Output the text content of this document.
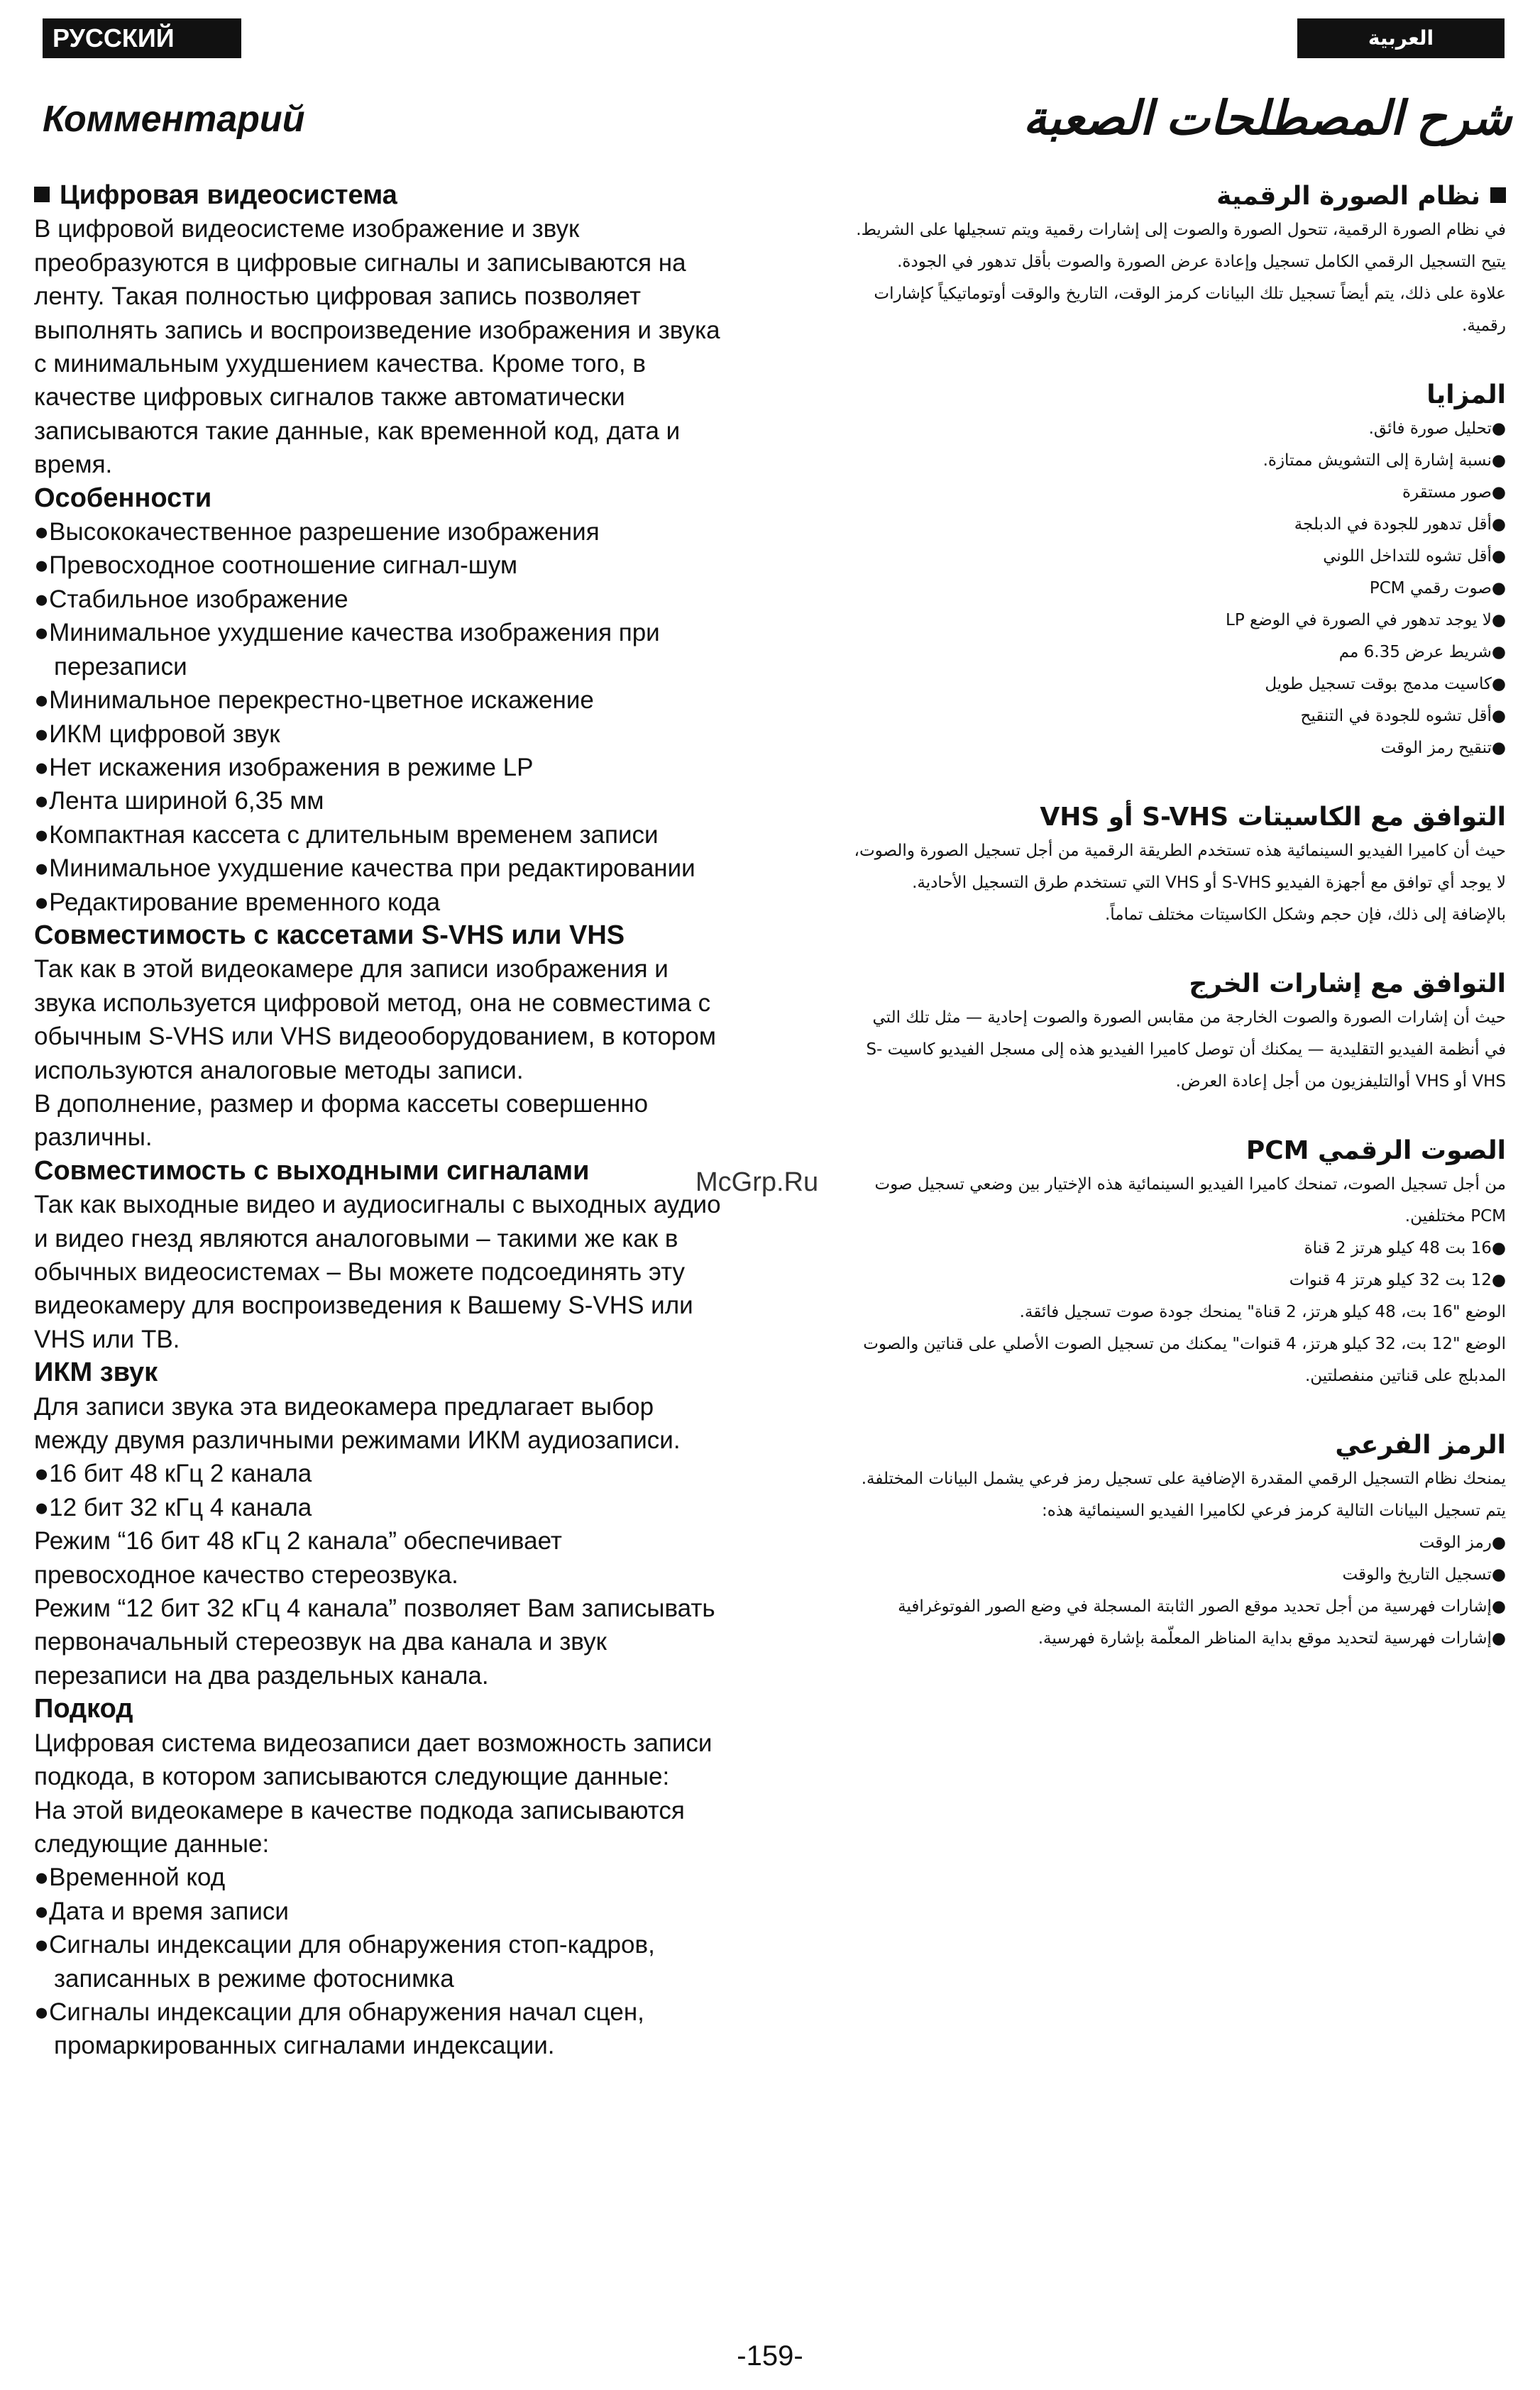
РУССКИЙ ЯЗЫК
العربية
Комментарий	شرح المصطلحات الصعبة

Цифровая видеосистема

В цифровой видеосистеме изображение и звук преобразуются в цифровые сигналы и записываются на ленту. Такая полностью цифровая запись позволяет выполнять запись и воспроизведение изображения и звука с минимальным ухудшением качества. Кроме того, в качестве цифровых сигналов также автоматически записываются такие данные, как временной код, дата и время.

Особенности

●Высококачественное разрешение изображения

●Превосходное соотношение сигнал-шум

●Стабильное изображение

●Минимальное ухудшение качества изображения при перезаписи

●Минимальное перекрестно-цветное искажение

●ИКМ цифровой звук

●Нет искажения изображения в режиме LP

●Лента шириной 6,35 мм

●Компактная кассета с длительным временем записи

●Минимальное ухудшение качества при редактировании

●Редактирование временного кода

Совместимость с кассетами S-VHS или VHS

Так как в этой видеокамере для записи изображения и звука используется цифровой метод, она не совместима с обычным S-VHS или VHS видеооборудованием, в котором используются аналоговые методы записи.

В дополнение, размер и форма кассеты совершенно различны.

Совместимость с выходными сигналами

Так как выходные видео и аудиосигналы с выходных аудио и видео гнезд являются аналоговыми – такими же как в обычных видеосистемах – Вы можете подсоединять эту видеокамеру для воспроизведения к Вашему S-VHS или VHS или ТВ.

ИКМ звук

Для записи звука эта видеокамера предлагает выбор между двумя различными режимами ИКМ аудиозаписи.

●16 бит 48 кГц 2 канала

●12 бит 32 кГц 4 канала

Режим “16 бит 48 кГц 2 канала” обеспечивает превосходное качество стереозвука.

Режим “12 бит 32 кГц 4 канала” позволяет Вам записывать первоначальный стереозвук на два канала и звук перезаписи на два раздельных канала.

Подкод

Цифровая система видеозаписи дает возможность записи подкода, в котором записываются следующие данные:

На этой видеокамере в качестве подкода записываются следующие данные:

●Временной код

●Дата и время записи

●Сигналы индексации для обнаружения стоп-кадров, записанных в режиме фотоснимка

●Сигналы индексации для обнаружения начал сцен, промаркированных сигналами индексации.

نظام الصورة الرقمية

في نظام الصورة الرقمية، تتحول الصورة والصوت إلى إشارات رقمية ويتم تسجيلها على الشريط. يتيح التسجيل الرقمي الكامل تسجيل وإعادة عرض الصورة والصوت بأقل تدهور في الجودة.

علاوة على ذلك، يتم أيضاً تسجيل تلك البيانات كرمز الوقت، التاريخ والوقت أوتوماتيكياً كإشارات رقمية.

المزايا

●تحليل صورة فائق.

●نسبة إشارة إلى التشويش ممتازة.

●صور مستقرة

●أقل تدهور للجودة في الدبلجة

●أقل تشوه للتداخل اللوني

●صوت رقمي PCM

●لا يوجد تدهور في الصورة في الوضع LP

●شريط عرض 6.35 مم

●كاسيت مدمج بوقت تسجيل طويل

●أقل تشوه للجودة في التنقيح

●تنقيح رمز الوقت

التوافق مع الكاسيتات S-VHS أو VHS

حيث أن كاميرا الفيديو السينمائية هذه تستخدم الطريقة الرقمية من أجل تسجيل الصورة والصوت، لا يوجد أي توافق مع أجهزة الفيديو S-VHS أو VHS التي تستخدم طرق التسجيل الأحادية.

بالإضافة إلى ذلك، فإن حجم وشكل الكاسيتات مختلف تماماً.

التوافق مع إشارات الخرج

حيث أن إشارات الصورة والصوت الخارجة من مقابس الصورة والصوت إحادية — مثل تلك التي في أنظمة الفيديو التقليدية — يمكنك أن توصل كاميرا الفيديو هذه إلى مسجل الفيديو كاسيت S-VHS أو VHS أوالتليفزيون من أجل إعادة العرض.

الصوت الرقمي PCM

من أجل تسجيل الصوت، تمنحك كاميرا الفيديو السينمائية هذه الإختيار بين وضعي تسجيل صوت PCM مختلفين.

●16 بت 48 كيلو هرتز 2 قناة

●12 بت 32 كيلو هرتز 4 قنوات

الوضع "16 بت، 48 كيلو هرتز، 2 قناة" يمنحك جودة صوت تسجيل فائقة.

الوضع "12 بت، 32 كيلو هرتز، 4 قنوات" يمكنك من تسجيل الصوت الأصلي على قناتين والصوت المدبلج على قناتين منفصلتين.

الرمز الفرعي

يمنحك نظام التسجيل الرقمي المقدرة الإضافية على تسجيل رمز فرعي يشمل البيانات المختلفة.

يتم تسجيل البيانات التالية كرمز فرعي لكاميرا الفيديو السينمائية هذه:

●رمز الوقت

●تسجيل التاريخ والوقت

●إشارات فهرسية من أجل تحديد موقع الصور الثابتة المسجلة في وضع الصور الفوتوغرافية

●إشارات فهرسية لتحديد موقع بداية المناظر المعلّمة بإشارة فهرسية.

McGrp.Ru
-159-
